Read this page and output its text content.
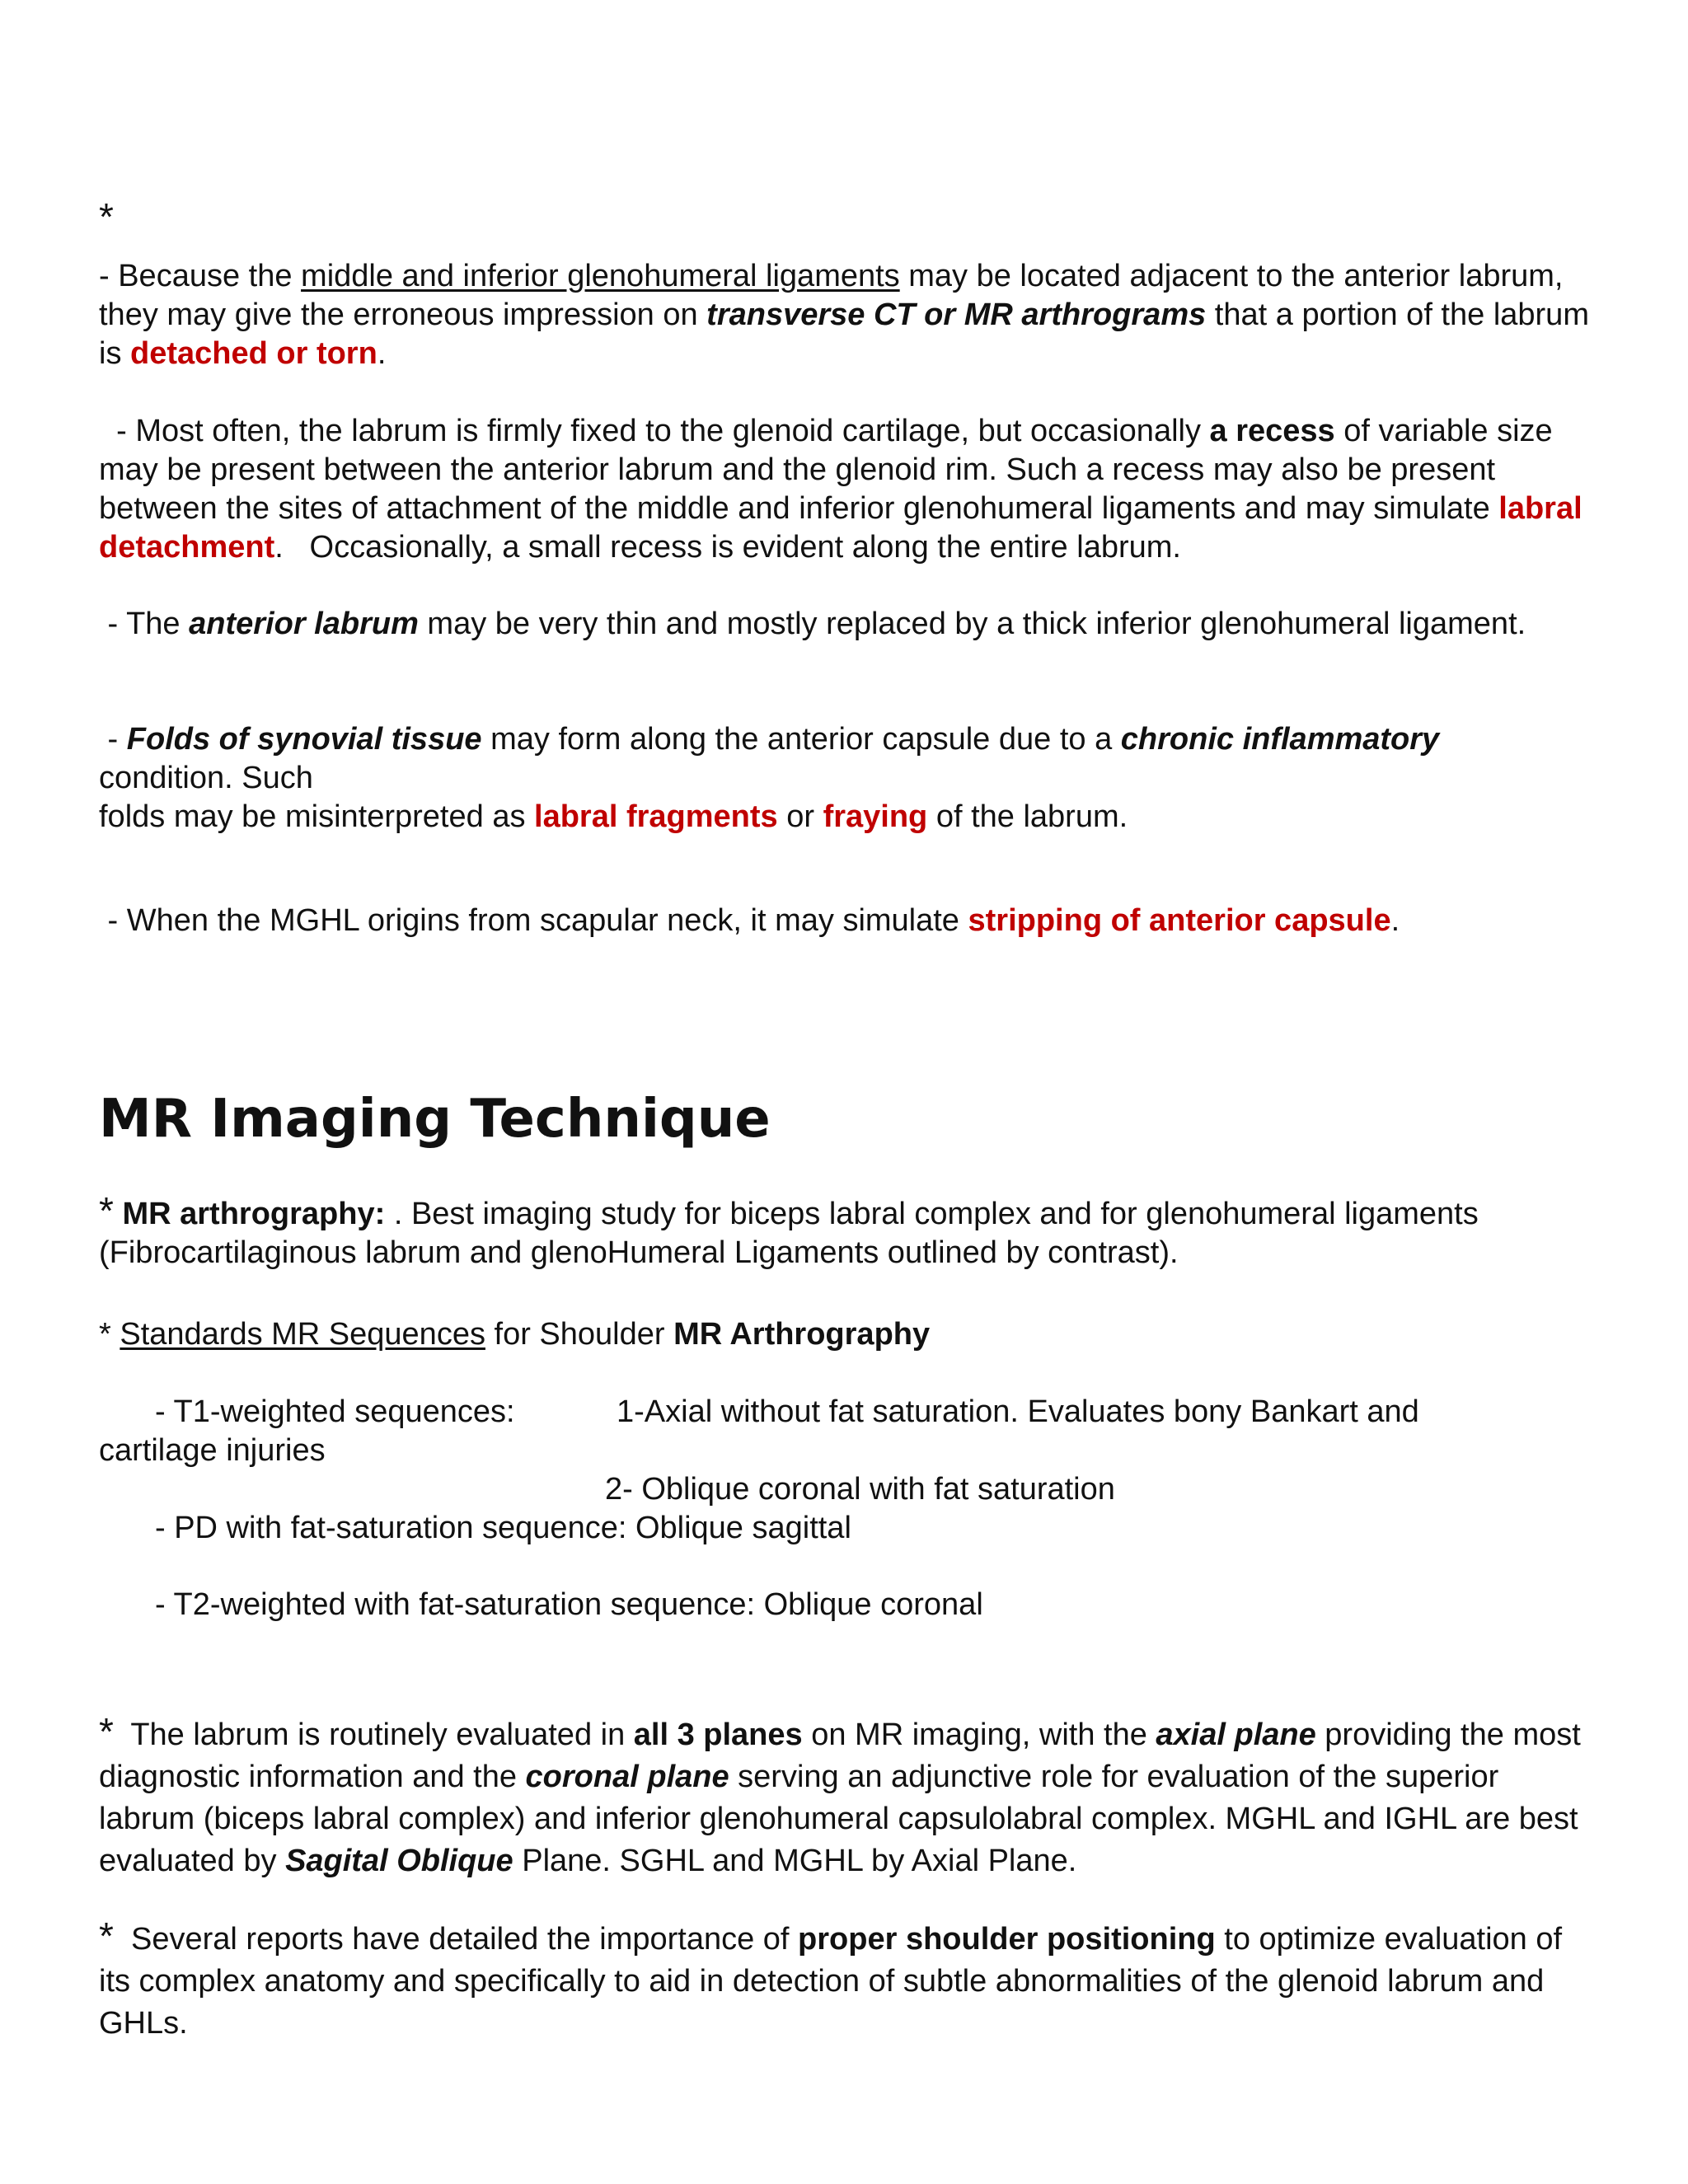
*
- Because the middle and inferior glenohumeral ligaments may be located adjacent to the anterior labrum, they may give the erroneous impression on transverse CT or MR arthrograms that a portion of the labrum is detached or torn.
- Most often, the labrum is firmly fixed to the glenoid cartilage, but occasionally a recess of variable size may be present between the anterior labrum and the glenoid rim. Such a recess may also be present between the sites of attachment of the middle and inferior glenohumeral ligaments and may simulate labral detachment.   Occasionally, a small recess is evident along the entire labrum.
- The anterior labrum may be very thin and mostly replaced by a thick inferior glenohumeral ligament.
- Folds of synovial tissue may form along the anterior capsule due to a chronic inflammatory
condition. Such
folds may be misinterpreted as labral fragments or fraying of the labrum.
- When the MGHL origins from scapular neck, it may simulate stripping of anterior capsule.
MR Imaging Technique
* MR arthrography: . Best imaging study for biceps labral complex and for glenohumeral ligaments (Fibrocartilaginous labrum and glenoHumeral Ligaments outlined by contrast).
* Standards MR Sequences for Shoulder MR Arthrography
- T1-weighted sequences:	1-Axial without fat saturation. Evaluates bony Bankart and
cartilage injuries
2- Oblique coronal with fat saturation
- PD with fat-saturation sequence: Oblique sagittal
- T2-weighted with fat-saturation sequence: Oblique coronal
*  The labrum is routinely evaluated in all 3 planes on MR imaging, with the axial plane providing the most diagnostic information and the coronal plane serving an adjunctive role for evaluation of the superior labrum (biceps labral complex) and inferior glenohumeral capsulolabral complex. MGHL and IGHL are best evaluated by Sagital Oblique Plane. SGHL and MGHL by Axial Plane.
*  Several reports have detailed the importance of proper shoulder positioning to optimize evaluation of its complex anatomy and specifically to aid in detection of subtle abnormalities of the glenoid labrum and GHLs.
